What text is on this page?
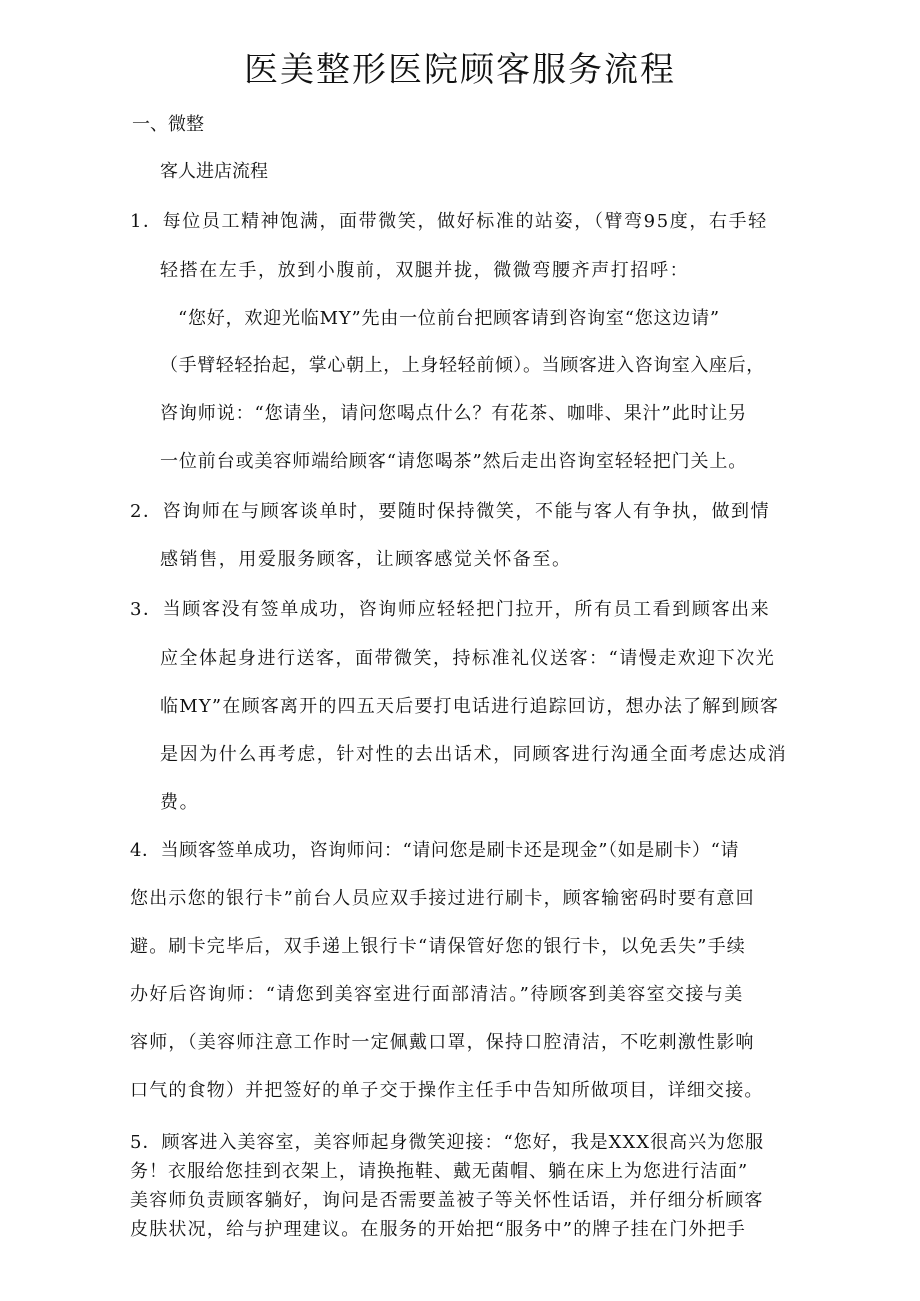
医美整形医院顾客服务流程
一、微整
客人进店流程
1．每位员工精神饱满，面带微笑，做好标准的站姿，（臂弯95度，右手轻
轻搭在左手，放到小腹前，双腿并拢，微微弯腰齐声打招呼：
“您好，欢迎光临MY”先由一位前台把顾客请到咨询室“您这边请”
（手臂轻轻抬起，掌心朝上，上身轻轻前倾）。当顾客进入咨询室入座后，
咨询师说：“您请坐，请问您喝点什么？有花茶、咖啡、果汁”此时让另
一位前台或美容师端给顾客“请您喝茶”然后走出咨询室轻轻把门关上。
2．咨询师在与顾客谈单时，要随时保持微笑，不能与客人有争执，做到情
感销售，用爱服务顾客，让顾客感觉关怀备至。
3．当顾客没有签单成功，咨询师应轻轻把门拉开，所有员工看到顾客出来
应全体起身进行送客，面带微笑，持标准礼仪送客：“请慢走欢迎下次光
临MY”在顾客离开的四五天后要打电话进行追踪回访，想办法了解到顾客
是因为什么再考虑，针对性的去出话术，同顾客进行沟通全面考虑达成消
费。
4．当顾客签单成功，咨询师问：“请问您是刷卡还是现金”（如是刷卡）“请
您出示您的银行卡”前台人员应双手接过进行刷卡，顾客输密码时要有意回
避。刷卡完毕后，双手递上银行卡“请保管好您的银行卡，以免丢失”手续
办好后咨询师：“请您到美容室进行面部清洁。”待顾客到美容室交接与美
容师，（美容师注意工作时一定佩戴口罩，保持口腔清洁，不吃刺激性影响
口气的食物）并把签好的单子交于操作主任手中告知所做项目，详细交接。
5．顾客进入美容室，美容师起身微笑迎接：“您好，我是XXX很高兴为您服
务！衣服给您挂到衣架上，请换拖鞋、戴无菌帽、躺在床上为您进行洁面”
美容师负责顾客躺好，询问是否需要盖被子等关怀性话语，并仔细分析顾客
皮肤状况，给与护理建议。在服务的开始把“服务中”的牌子挂在门外把手
